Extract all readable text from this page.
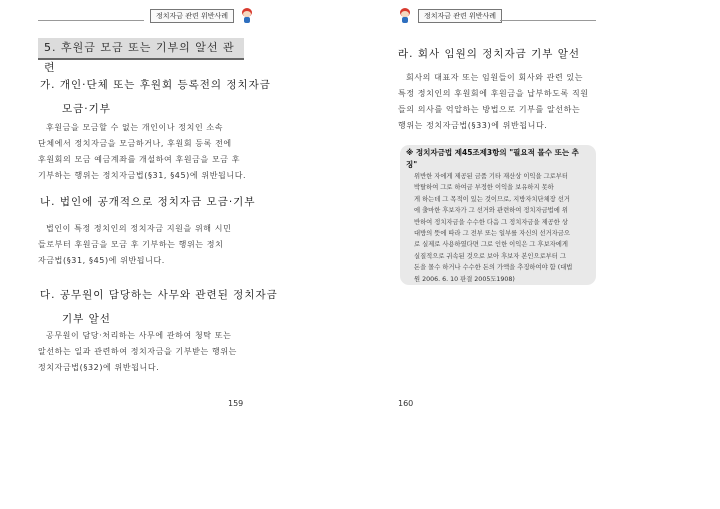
정치자금 관련 위반사례
5. 후원금 모금 또는 기부의 알선 관련
가. 개인·단체 또는 후원회 등록전의 정치자금
모금·기부
후원금을 모금할 수 없는 개인이나 정치인 소속
단체에서 정치자금을 모금하거나, 후원회 등록 전에
후원회의 모금 예금계좌를 개설하여 후원금을 모금 후
기부하는 행위는 정치자금법(§31, §45)에 위반됩니다.
나. 법인에 공개적으로 정치자금 모금·기부
법인이 특정 정치인의 정치자금 지원을 위해 시민
들로부터 후원금을 모금 후 기부하는 행위는 정치
자금법(§31, §45)에 위반됩니다.
다. 공무원이 담당하는 사무와 관련된 정치자금
기부 알선
공무원이 담당·처리하는 사무에 관하여 청탁 또는
알선하는 일과 관련하여 정치자금을 기부받는 행위는
정치자금법(§32)에 위반됩니다.
159
정치자금 관련 위반사례
라. 회사 임원의 정치자금 기부 알선
회사의 대표자 또는 임원들이 회사와 관련 있는
특정 정치인의 후원회에 후원금을 납부하도록 직원
들의 의사를 억압하는 방법으로 기부를 알선하는
행위는 정치자금법(§33)에 위반됩니다.
※ 정치자금법 제45조제3항의 "필요적 몰수 또는 추징"
위반한 자에게 제공된 금품 기타 재산상 이익을 그로부터
박탈하여 그로 하여금 부정한 이익을 보유하지 못하
게 하는데 그 목적이 있는 것이므로, 지방자치단체장 선거
에 출마한 후보자가 그 선거와 관련하여 정치자금법에 위
반하여 정치자금을 수수한 다음 그 정치자금을 제공한 상
대방의 뜻에 따라 그 전부 또는 일부를 자신의 선거자금으
로 실제로 사용하였다면 그로 인한 이익은 그 후보자에게
실질적으로 귀속된 것으로 보아 후보자 본인으로부터 그
돈을 몰수 하거나 수수한 돈의 가액을 추징하여야 함 (대법
원 2006. 6. 10 판결 2005도1908)
160
